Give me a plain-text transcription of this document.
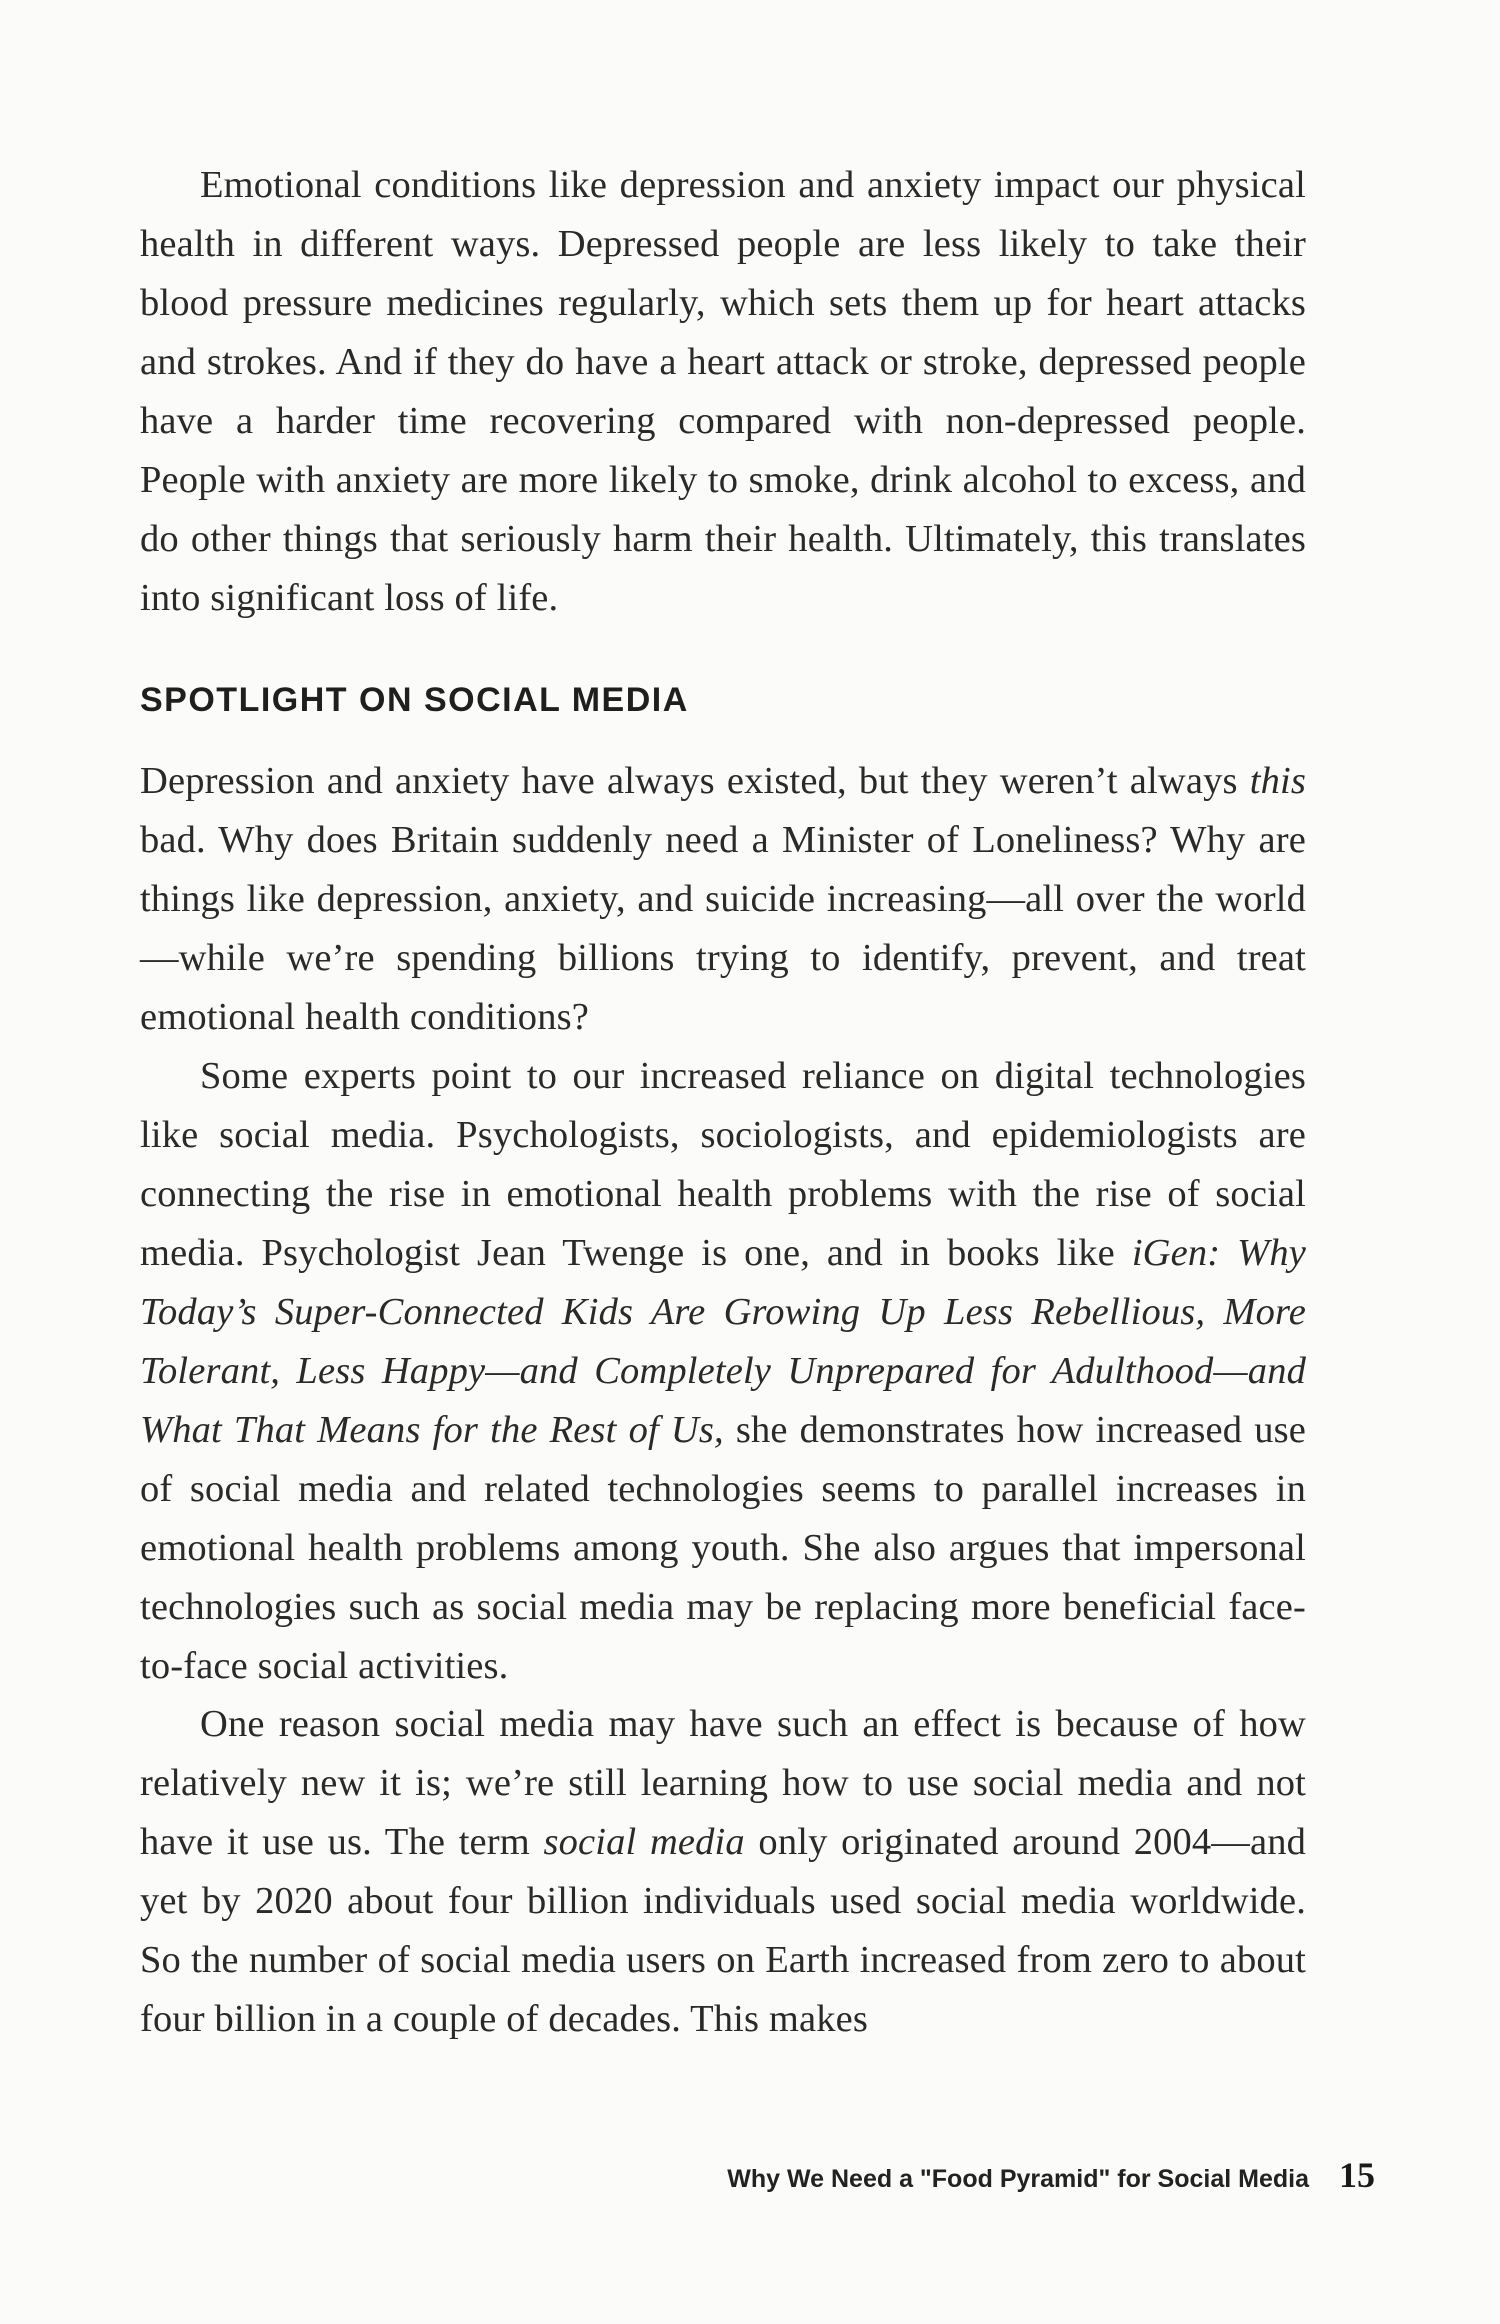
Emotional conditions like depression and anxiety impact our physical health in different ways. Depressed people are less likely to take their blood pressure medicines regularly, which sets them up for heart attacks and strokes. And if they do have a heart attack or stroke, depressed people have a harder time recovering compared with non-depressed people. People with anxiety are more likely to smoke, drink alcohol to excess, and do other things that seriously harm their health. Ultimately, this translates into significant loss of life.

SPOTLIGHT ON SOCIAL MEDIA

Depression and anxiety have always existed, but they weren’t always this bad. Why does Britain suddenly need a Minister of Loneliness? Why are things like depression, anxiety, and suicide increasing—all over the world—while we’re spending billions trying to identify, prevent, and treat emotional health conditions?

Some experts point to our increased reliance on digital technologies like social media. Psychologists, sociologists, and epidemiologists are connecting the rise in emotional health problems with the rise of social media. Psychologist Jean Twenge is one, and in books like iGen: Why Today’s Super-Connected Kids Are Growing Up Less Rebellious, More Tolerant, Less Happy—and Completely Unprepared for Adulthood—and What That Means for the Rest of Us, she demonstrates how increased use of social media and related technologies seems to parallel increases in emotional health problems among youth. She also argues that impersonal technologies such as social media may be replacing more beneficial face-to-face social activities.

One reason social media may have such an effect is because of how relatively new it is; we’re still learning how to use social media and not have it use us. The term social media only originated around 2004—and yet by 2020 about four billion individuals used social media worldwide. So the number of social media users on Earth increased from zero to about four billion in a couple of decades. This makes

Why We Need a "Food Pyramid" for Social Media 15
